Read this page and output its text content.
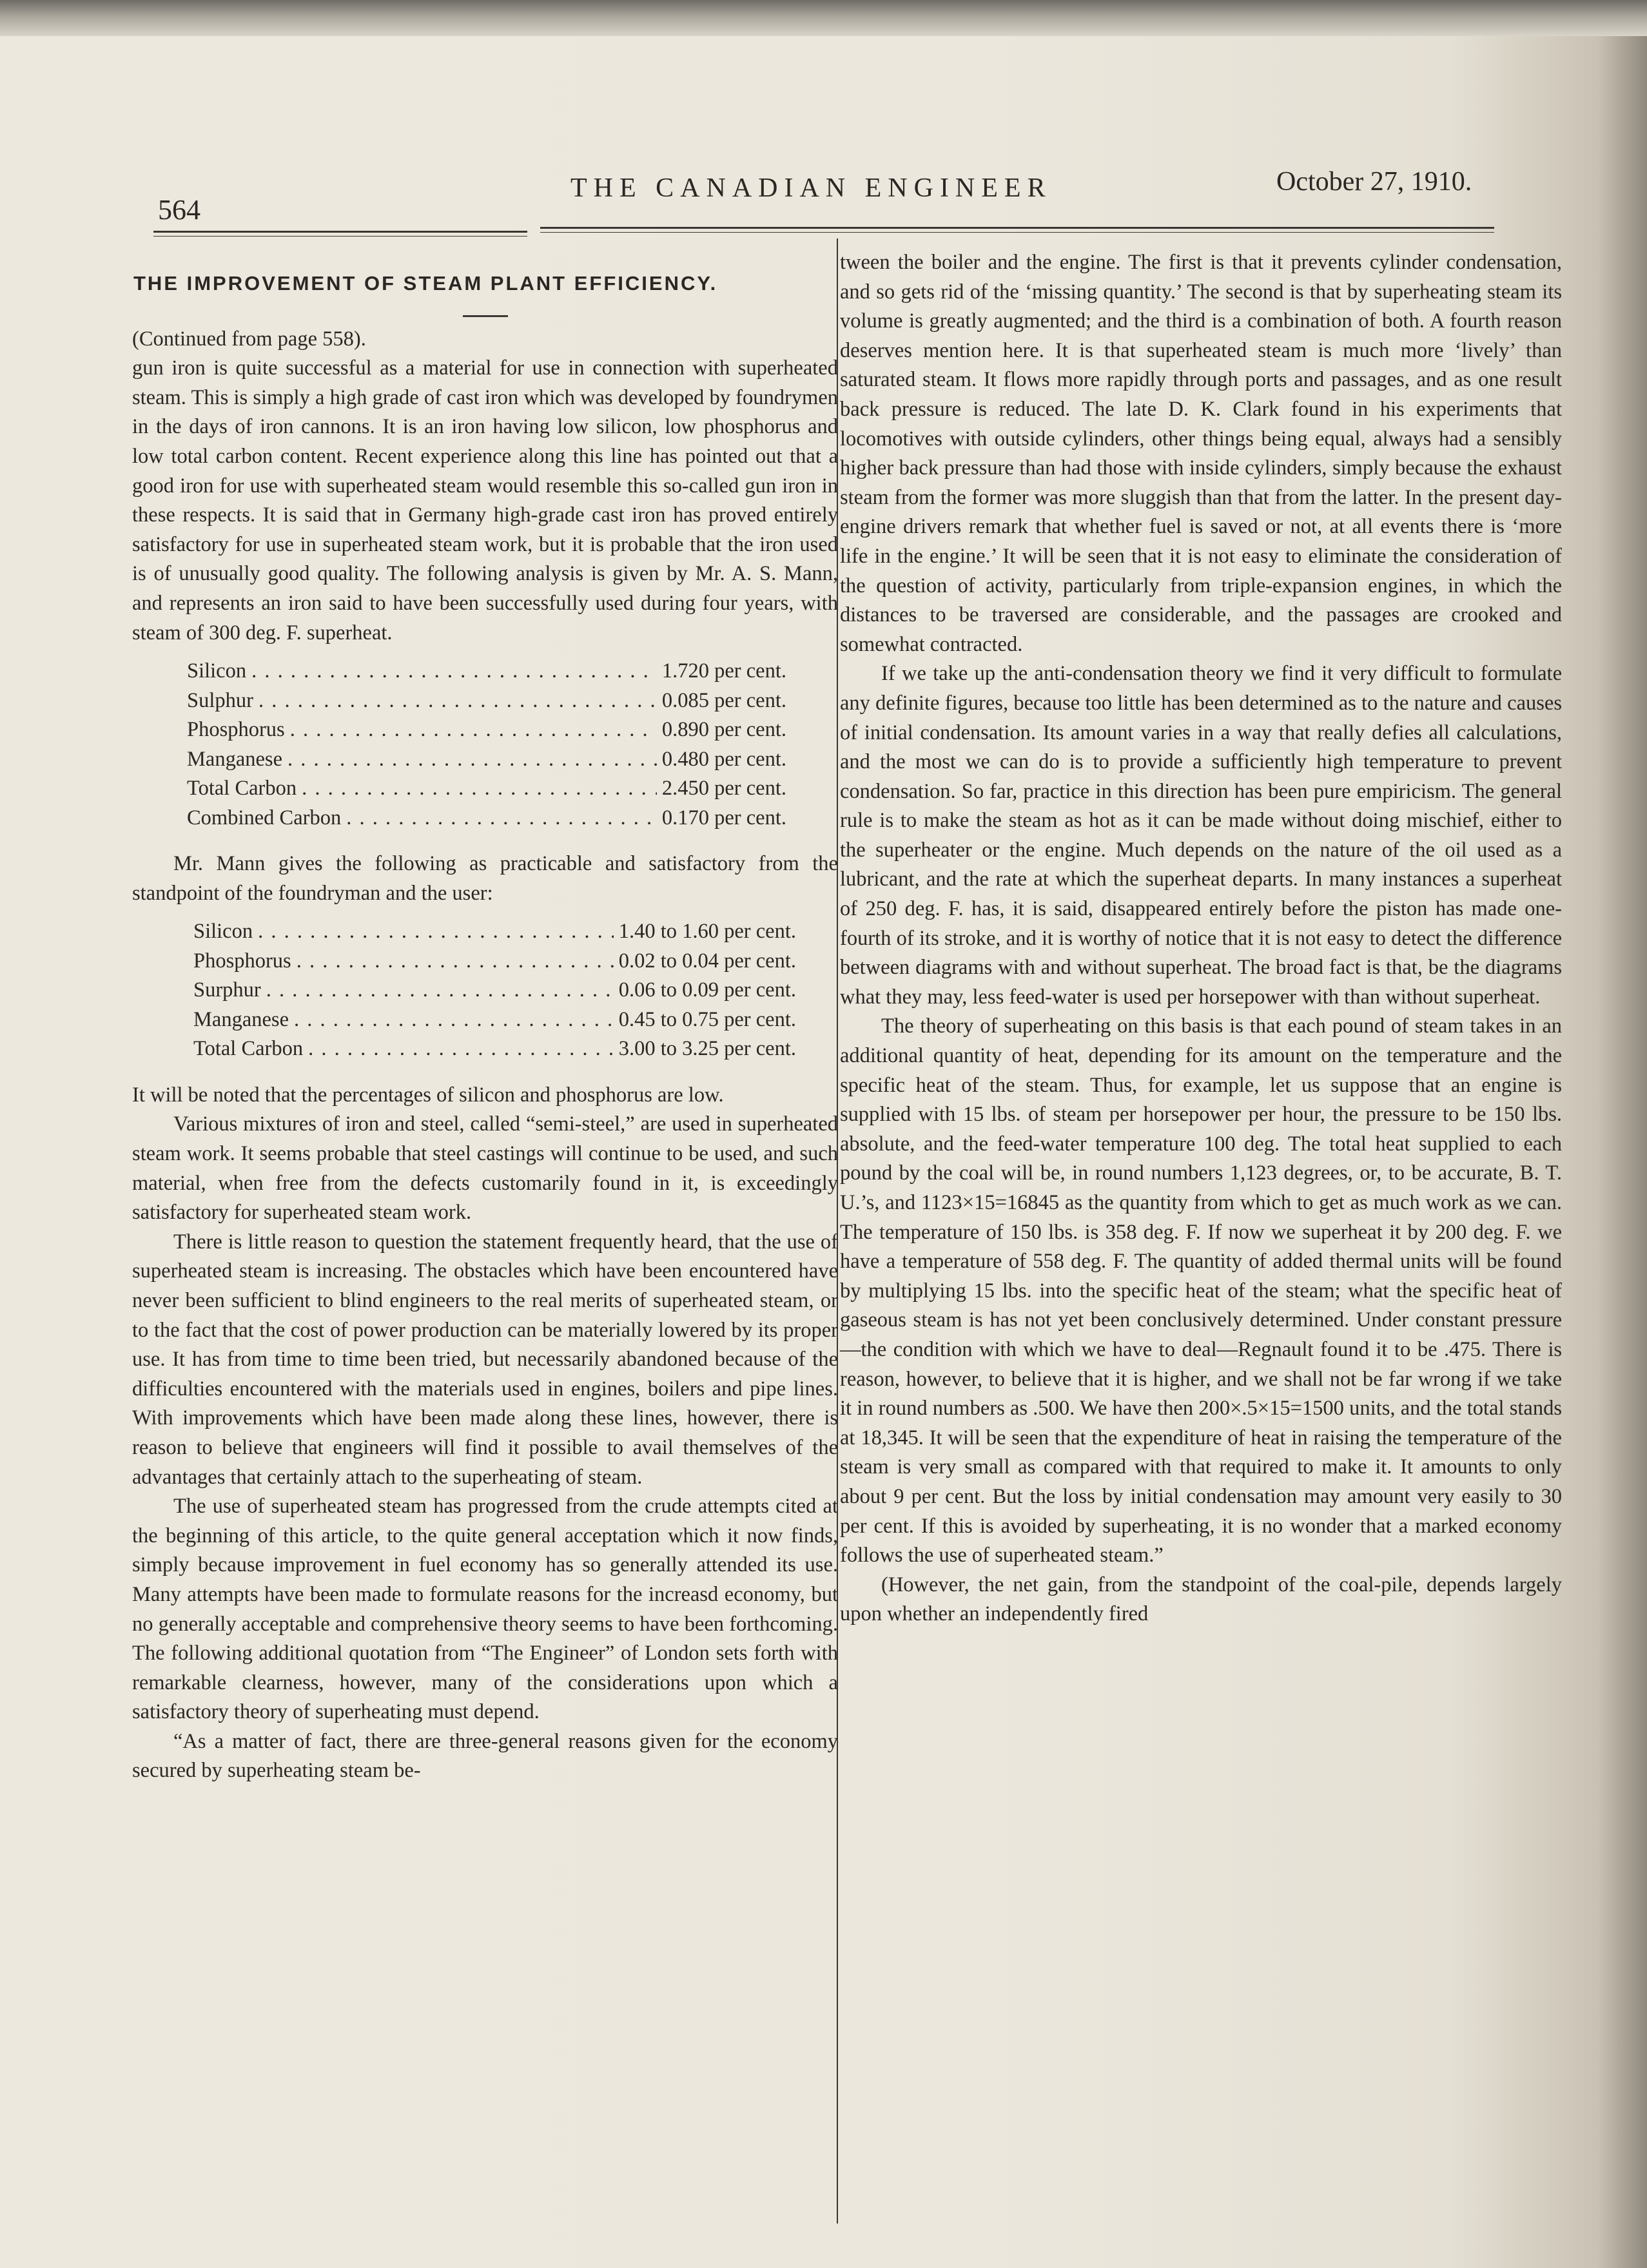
564
THE CANADIAN ENGINEER	October 27, 1910.
THE IMPROVEMENT OF STEAM PLANT EFFICIENCY.

(Continued from page 558).

gun iron is quite successful as a material for use in connection with superheated steam. This is simply a high grade of cast iron which was developed by foundrymen in the days of iron cannons. It is an iron having low silicon, low phosphorus and low total carbon content. Recent experience along this line has pointed out that a good iron for use with superheated steam would resemble this so-called gun iron in these respects. It is said that in Germany high-grade cast iron has proved entirely satisfactory for use in superheated steam work, but it is probable that the iron used is of unusually good quality. The following analysis is given by Mr. A. S. Mann, and represents an iron said to have been successfully used during four years, with steam of 300 deg. F. superheat.

Silicon . . .	1.720 per cent.
Sulphur . . .	0.085 per cent.
Phosphorus . . .	0.890 per cent.
Manganese . . .	0.480 per cent.
Total Carbon . . .	2.450 per cent.
Combined Carbon . . .	0.170 per cent.

Mr. Mann gives the following as practicable and satisfactory from the standpoint of the foundryman and the user:

Silicon . . .	1.40 to 1.60 per cent.
Phosphorus . . .	0.02 to 0.04 per cent.
Surphur . . .	0.06 to 0.09 per cent.
Manganese . . .	0.45 to 0.75 per cent.
Total Carbon . . .	3.00 to 3.25 per cent.

It will be noted that the percentages of silicon and phosphorus are low.

Various mixtures of iron and steel, called “semi-steel,” are used in superheated steam work. It seems probable that steel castings will continue to be used, and such material, when free from the defects customarily found in it, is exceedingly satisfactory for superheated steam work.

There is little reason to question the statement frequently heard, that the use of superheated steam is increasing. The obstacles which have been encountered have never been sufficient to blind engineers to the real merits of superheated steam, or to the fact that the cost of power production can be materially lowered by its proper use. It has from time to time been tried, but necessarily abandoned because of the difficulties encountered with the materials used in engines, boilers and pipe lines. With improvements which have been made along these lines, however, there is reason to believe that engineers will find it possible to avail themselves of the advantages that certainly attach to the superheating of steam.

The use of superheated steam has progressed from the crude attempts cited at the beginning of this article, to the quite general acceptation which it now finds, simply because improvement in fuel economy has so generally attended its use. Many attempts have been made to formulate reasons for the increasd economy, but no generally acceptable and comprehensive theory seems to have been forthcoming. The following additional quotation from “The Engineer” of London sets forth with remarkable clearness, however, many of the considerations upon which a satisfactory theory of superheating must depend.

“As a matter of fact, there are three-general reasons given for the economy secured by superheating steam be-

tween the boiler and the engine. The first is that it prevents cylinder condensation, and so gets rid of the ‘missing quantity.’ The second is that by superheating steam its volume is greatly augmented; and the third is a combination of both. A fourth reason deserves mention here. It is that superheated steam is much more ‘lively’ than saturated steam. It flows more rapidly through ports and passages, and as one result back pressure is reduced. The late D. K. Clark found in his experiments that locomotives with outside cylinders, other things being equal, always had a sensibly higher back pressure than had those with inside cylinders, simply because the exhaust steam from the former was more sluggish than that from the latter. In the present day-engine drivers remark that whether fuel is saved or not, at all events there is ‘more life in the engine.’ It will be seen that it is not easy to eliminate the consideration of the question of activity, particularly from triple-expansion engines, in which the distances to be traversed are considerable, and the passages are crooked and somewhat contracted.

If we take up the anti-condensation theory we find it very difficult to formulate any definite figures, because too little has been determined as to the nature and causes of initial condensation. Its amount varies in a way that really defies all calculations, and the most we can do is to provide a sufficiently high temperature to prevent condensation. So far, practice in this direction has been pure empiricism. The general rule is to make the steam as hot as it can be made without doing mischief, either to the superheater or the engine. Much depends on the nature of the oil used as a lubricant, and the rate at which the superheat departs. In many instances a superheat of 250 deg. F. has, it is said, disappeared entirely before the piston has made one-fourth of its stroke, and it is worthy of notice that it is not easy to detect the difference between diagrams with and without superheat. The broad fact is that, be the diagrams what they may, less feed-water is used per horsepower with than without superheat.

The theory of superheating on this basis is that each pound of steam takes in an additional quantity of heat, depending for its amount on the temperature and the specific heat of the steam. Thus, for example, let us suppose that an engine is supplied with 15 lbs. of steam per horsepower per hour, the pressure to be 150 lbs. absolute, and the feed-water temperature 100 deg. The total heat supplied to each pound by the coal will be, in round numbers 1,123 degrees, or, to be accurate, B. T. U.’s, and 1123×15=16845 as the quantity from which to get as much work as we can. The temperature of 150 lbs. is 358 deg. F. If now we superheat it by 200 deg. F. we have a temperature of 558 deg. F. The quantity of added thermal units will be found by multiplying 15 lbs. into the specific heat of the steam; what the specific heat of gaseous steam is has not yet been conclusively determined. Under constant pressure—the condition with which we have to deal—Regnault found it to be .475. There is reason, however, to believe that it is higher, and we shall not be far wrong if we take it in round numbers as .500. We have then 200×.5×15=1500 units, and the total stands at 18,345. It will be seen that the expenditure of heat in raising the temperature of the steam is very small as compared with that required to make it. It amounts to only about 9 per cent. But the loss by initial condensation may amount very easily to 30 per cent. If this is avoided by superheating, it is no wonder that a marked economy follows the use of superheated steam.”

(However, the net gain, from the standpoint of the coal-pile, depends largely upon whether an independently fired
